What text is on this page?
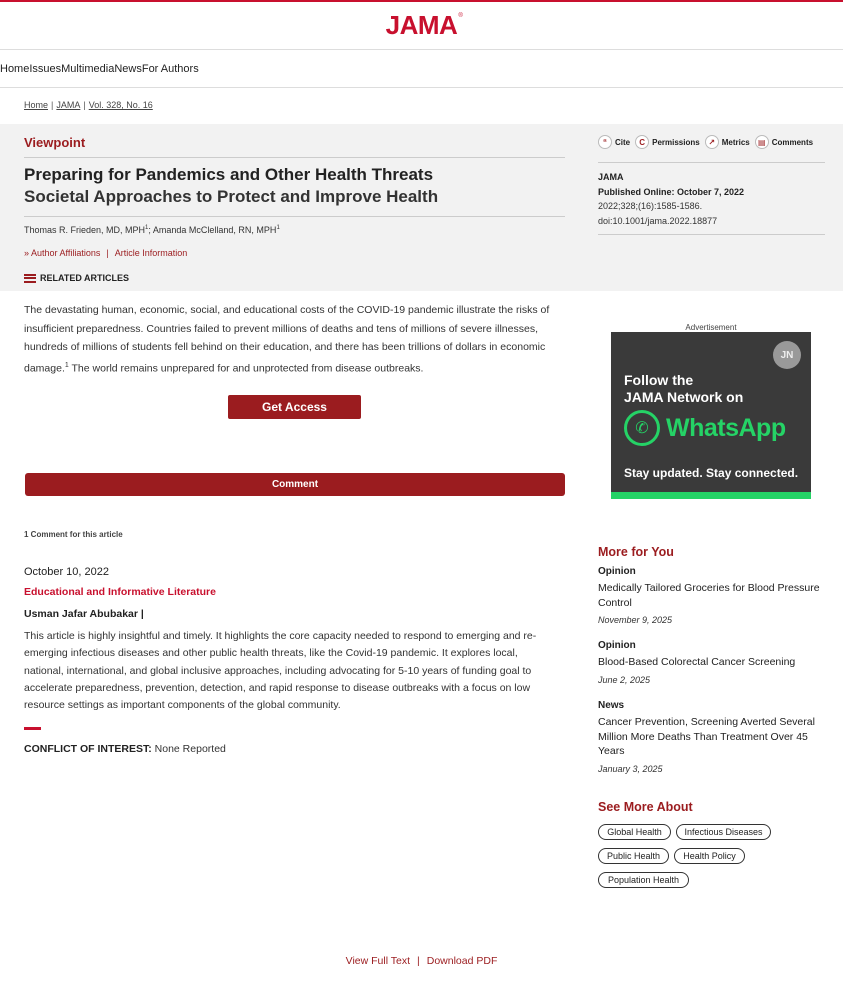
JAMA ®
Home Issues Multimedia News For Authors
Home | JAMA | Vol. 328, No. 16
Viewpoint
Preparing for Pandemics and Other Health Threats
Societal Approaches to Protect and Improve Health
Thomas R. Frieden, MD, MPH$^1$; Amanda McClelland, RN, MPH$^1$
» Author Affiliations | Article Information
RELATED ARTICLES
“	Cite	C Permissions	↗ Metrics	▤ Comments
JAMA
Published Online: October 7, 2022
2022;328;(16):1585-1586.
doi:10.1001/jama.2022.18877

The devastating human, economic, social, and educational costs of the COVID-19 pandemic illustrate the risks of insufficient preparedness. Countries failed to prevent millions of deaths and tens of millions of severe illnesses, hundreds of millions of students fell behind on their education, and there has been trillions of dollars in economic damage.$^1$ The world remains unprepared for and unprotected from disease outbreaks.

Get Access
Comment
1 Comment for this article
October 10, 2022
Educational and Informative Literature
Usman Jafar Abubakar |

This article is highly insightful and timely. It highlights the core capacity needed to respond to emerging and re-emerging infectious diseases and other public health threats, like the Covid-19 pandemic. It explores local, national, international, and global inclusive approaches, including advocating for 5-10 years of funding goal to accelerate preparedness, prevention, detection, and rapid response to disease outbreaks with a focus on low resource settings as important components of the global community.

CONFLICT OF INTEREST: None Reported
Advertisement
JN
Follow the
JAMA Network on
✆ WhatsApp
Stay updated. Stay connected.
More for You
Opinion
Medically Tailored Groceries for Blood Pressure Control
November 9, 2025
Opinion
Blood-Based Colorectal Cancer Screening
June 2, 2025
News
Cancer Prevention, Screening Averted Several Million More Deaths Than Treatment Over 45 Years
January 3, 2025
See More About
Global Health	Infectious Diseases
Public Health	Health Policy
Population Health
View Full Text | Download PDF
